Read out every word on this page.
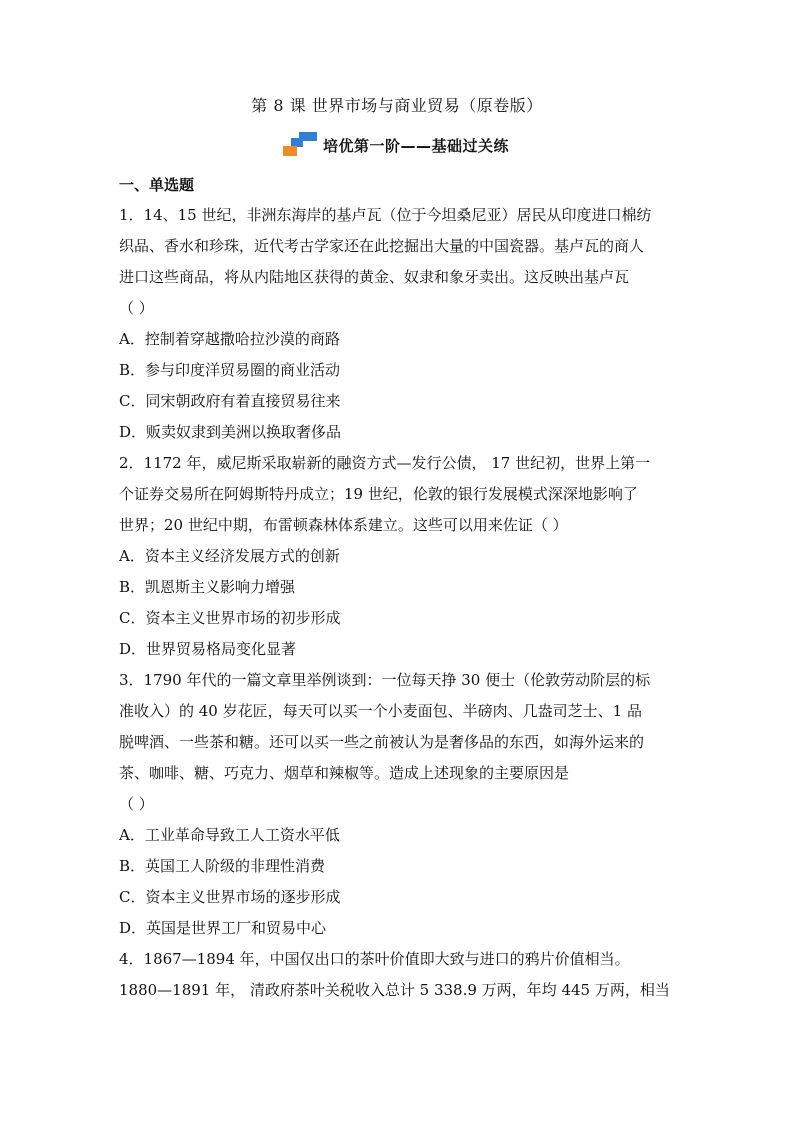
第 8 课 世界市场与商业贸易（原卷版）
培优第一阶——基础过关练
一、单选题
1．14、15 世纪，非洲东海岸的基卢瓦（位于今坦桑尼亚）居民从印度进口棉纺
织品、香水和珍珠，近代考古学家还在此挖掘出大量的中国瓷器。基卢瓦的商人
进口这些商品，将从内陆地区获得的黄金、奴隶和象牙卖出。这反映出基卢瓦
（ ）
A．控制着穿越撒哈拉沙漠的商路
B．参与印度洋贸易圈的商业活动
C．同宋朝政府有着直接贸易往来
D．贩卖奴隶到美洲以换取奢侈品
2．1172 年，威尼斯采取崭新的融资方式—发行公债， 17 世纪初，世界上第一
个证券交易所在阿姆斯特丹成立；19 世纪，伦敦的银行发展模式深深地影响了
世界；20 世纪中期，布雷顿森林体系建立。这些可以用来佐证（ ）
A．资本主义经济发展方式的创新
B．凯恩斯主义影响力增强
C．资本主义世界市场的初步形成
D．世界贸易格局变化显著
3．1790 年代的一篇文章里举例谈到：一位每天挣 30 便士（伦敦劳动阶层的标
准收入）的 40 岁花匠，每天可以买一个小麦面包、半磅肉、几盎司芝士、1 品
脱啤酒、一些茶和糖。还可以买一些之前被认为是奢侈品的东西，如海外运来的
茶、咖啡、糖、巧克力、烟草和辣椒等。造成上述现象的主要原因是
（ ）
A．工业革命导致工人工资水平低
B．英国工人阶级的非理性消费
C．资本主义世界市场的逐步形成
D．英国是世界工厂和贸易中心
4．1867—1894 年，中国仅出口的茶叶价值即大致与进口的鸦片价值相当。
1880—1891 年， 清政府茶叶关税收入总计 5 338.9 万两，年均 445 万两，相当
